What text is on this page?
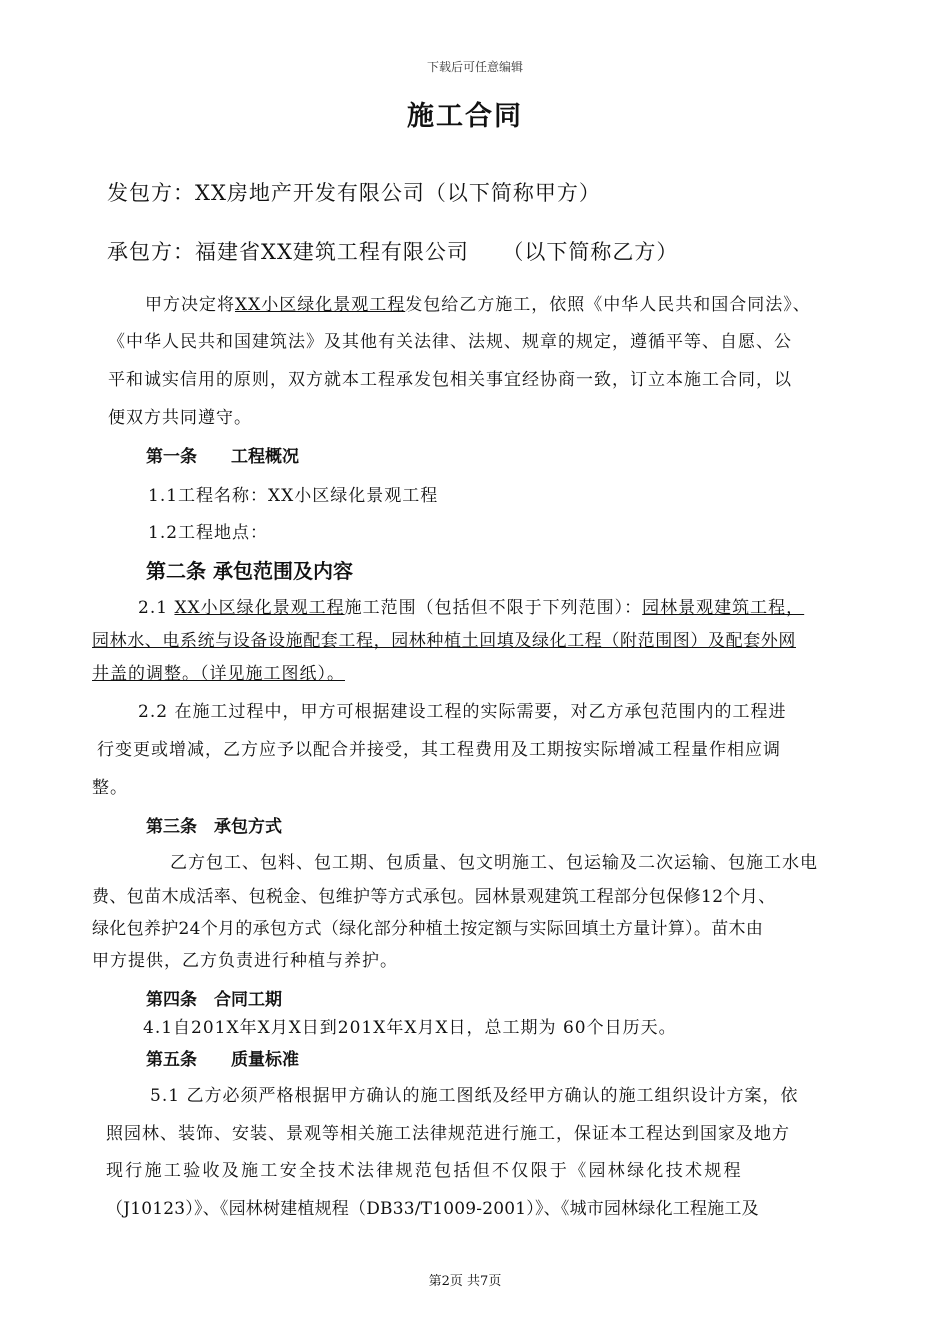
下载后可任意编辑
施工合同
发包方：XX房地产开发有限公司（以下简称甲方）
承包方：福建省XX建筑工程有限公司　　（以下简称乙方）
甲方决定将XX小区绿化景观工程发包给乙方施工，依照《中华人民共和国合同法》、
《中华人民共和国建筑法》及其他有关法律、法规、规章的规定，遵循平等、自愿、公
平和诚实信用的原则，双方就本工程承发包相关事宜经协商一致，订立本施工合同，以
便双方共同遵守。
第一条　　工程概况
1.1工程名称：XX小区绿化景观工程
1.2工程地点：
第二条 承包范围及内容
2.1 XX小区绿化景观工程施工范围（包括但不限于下列范围）：园林景观建筑工程，
园林水、电系统与设备设施配套工程，园林种植土回填及绿化工程（附范围图）及配套外网
井盖的调整。（详见施工图纸）。
2.2 在施工过程中，甲方可根据建设工程的实际需要，对乙方承包范围内的工程进
行变更或增减，乙方应予以配合并接受，其工程费用及工期按实际增减工程量作相应调
整。
第三条　承包方式
乙方包工、包料、包工期、包质量、包文明施工、包运输及二次运输、包施工水电
费、包苗木成活率、包税金、包维护等方式承包。园林景观建筑工程部分包保修12个月、
绿化包养护24个月的承包方式（绿化部分种植土按定额与实际回填土方量计算）。苗木由
甲方提供，乙方负责进行种植与养护。
第四条　合同工期
4.1自201X年X月X日到201X年X月X日，总工期为 60个日历天。
第五条　　质量标准
5.1 乙方必须严格根据甲方确认的施工图纸及经甲方确认的施工组织设计方案，依
照园林、装饰、安装、景观等相关施工法律规范进行施工，保证本工程达到国家及地方
现行施工验收及施工安全技术法律规范包括但不仅限于《园林绿化技术规程
（J10123）》、《园林树建植规程（DB33/T1009-2001）》、《城市园林绿化工程施工及
第2页 共7页
